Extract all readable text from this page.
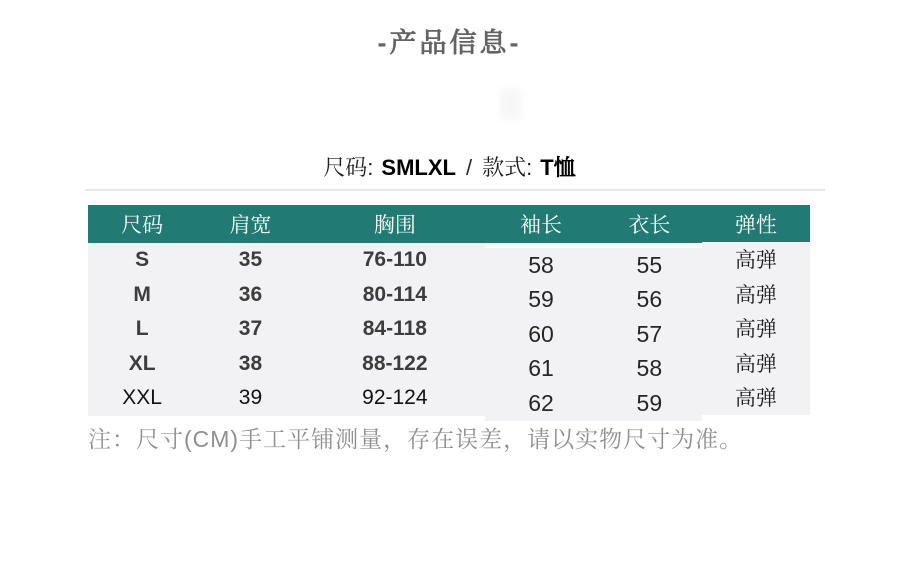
-产品信息-
尺码: SMLXL / 款式: T恤
尺码	肩宽	胸围	袖长	衣长	弹性
S	35	76-110	58	55	高弹
M	36	80-114	59	56	高弹
L	37	84-118	60	57	高弹
XL	38	88-122	61	58	高弹
XXL	39	92-124	62	59	高弹

注：尺寸(CM)手工平铺测量，存在误差，请以实物尺寸为准。
